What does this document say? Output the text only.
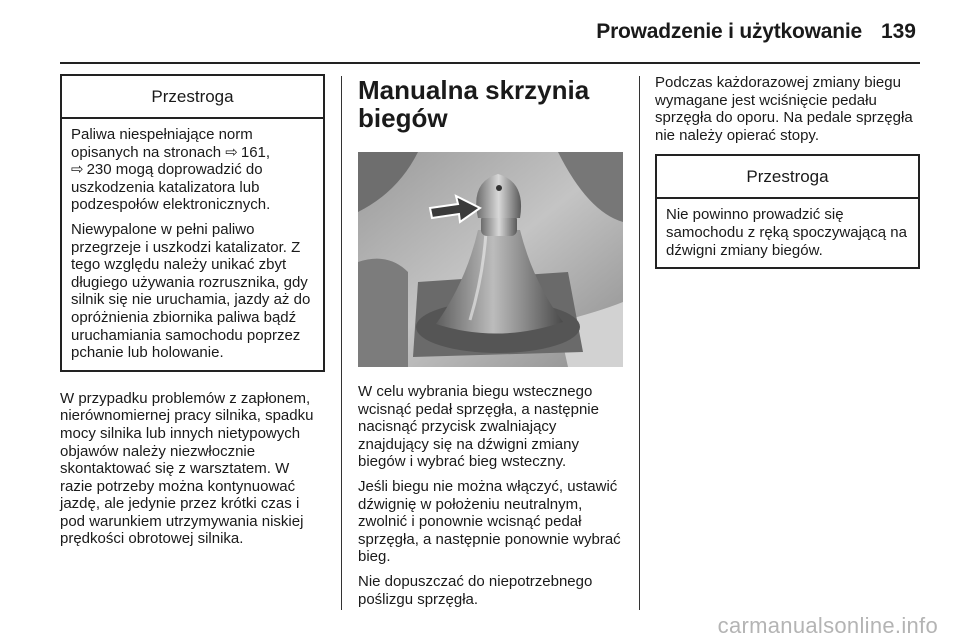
Prowadzenie i użytkowanie 139
Przestroga

Paliwa niespełniające norm opisanych na stronach ⇨  161,
⇨  230 mogą doprowadzić do uszkodzenia katalizatora lub podzespołów elektronicznych.

Niewypalone w pełni paliwo przegrzeje i uszkodzi katalizator. Z tego względu należy unikać zbyt długiego używania rozrusznika, gdy silnik się nie uruchamia, jazdy aż do opróżnienia zbiornika paliwa bądź uruchamiania samochodu poprzez pchanie lub holowanie.

W przypadku problemów z zapłonem, nierównomiernej pracy silnika, spadku mocy silnika lub innych nietypowych objawów należy niezwłocznie skontaktować się z warsztatem. W razie potrzeby można kontynuować jazdę, ale jedynie przez krótki czas i pod warunkiem utrzymywania niskiej prędkości obrotowej silnika.

Manualna skrzynia biegów

W celu wybrania biegu wstecznego wcisnąć pedał sprzęgła, a następnie nacisnąć przycisk zwalniający znajdujący się na dźwigni zmiany biegów i wybrać bieg wsteczny.

Jeśli biegu nie można włączyć, ustawić dźwignię w położeniu neutralnym, zwolnić i ponownie wcisnąć pedał sprzęgła, a następnie ponownie wybrać bieg.

Nie dopuszczać do niepotrzebnego poślizgu sprzęgła.

Podczas każdorazowej zmiany biegu wymagane jest wciśnięcie pedału sprzęgła do oporu. Na pedale sprzęgła nie należy opierać stopy.

Przestroga

Nie powinno prowadzić się samochodu z ręką spoczywającą na dźwigni zmiany biegów.

carmanualsonline.info
